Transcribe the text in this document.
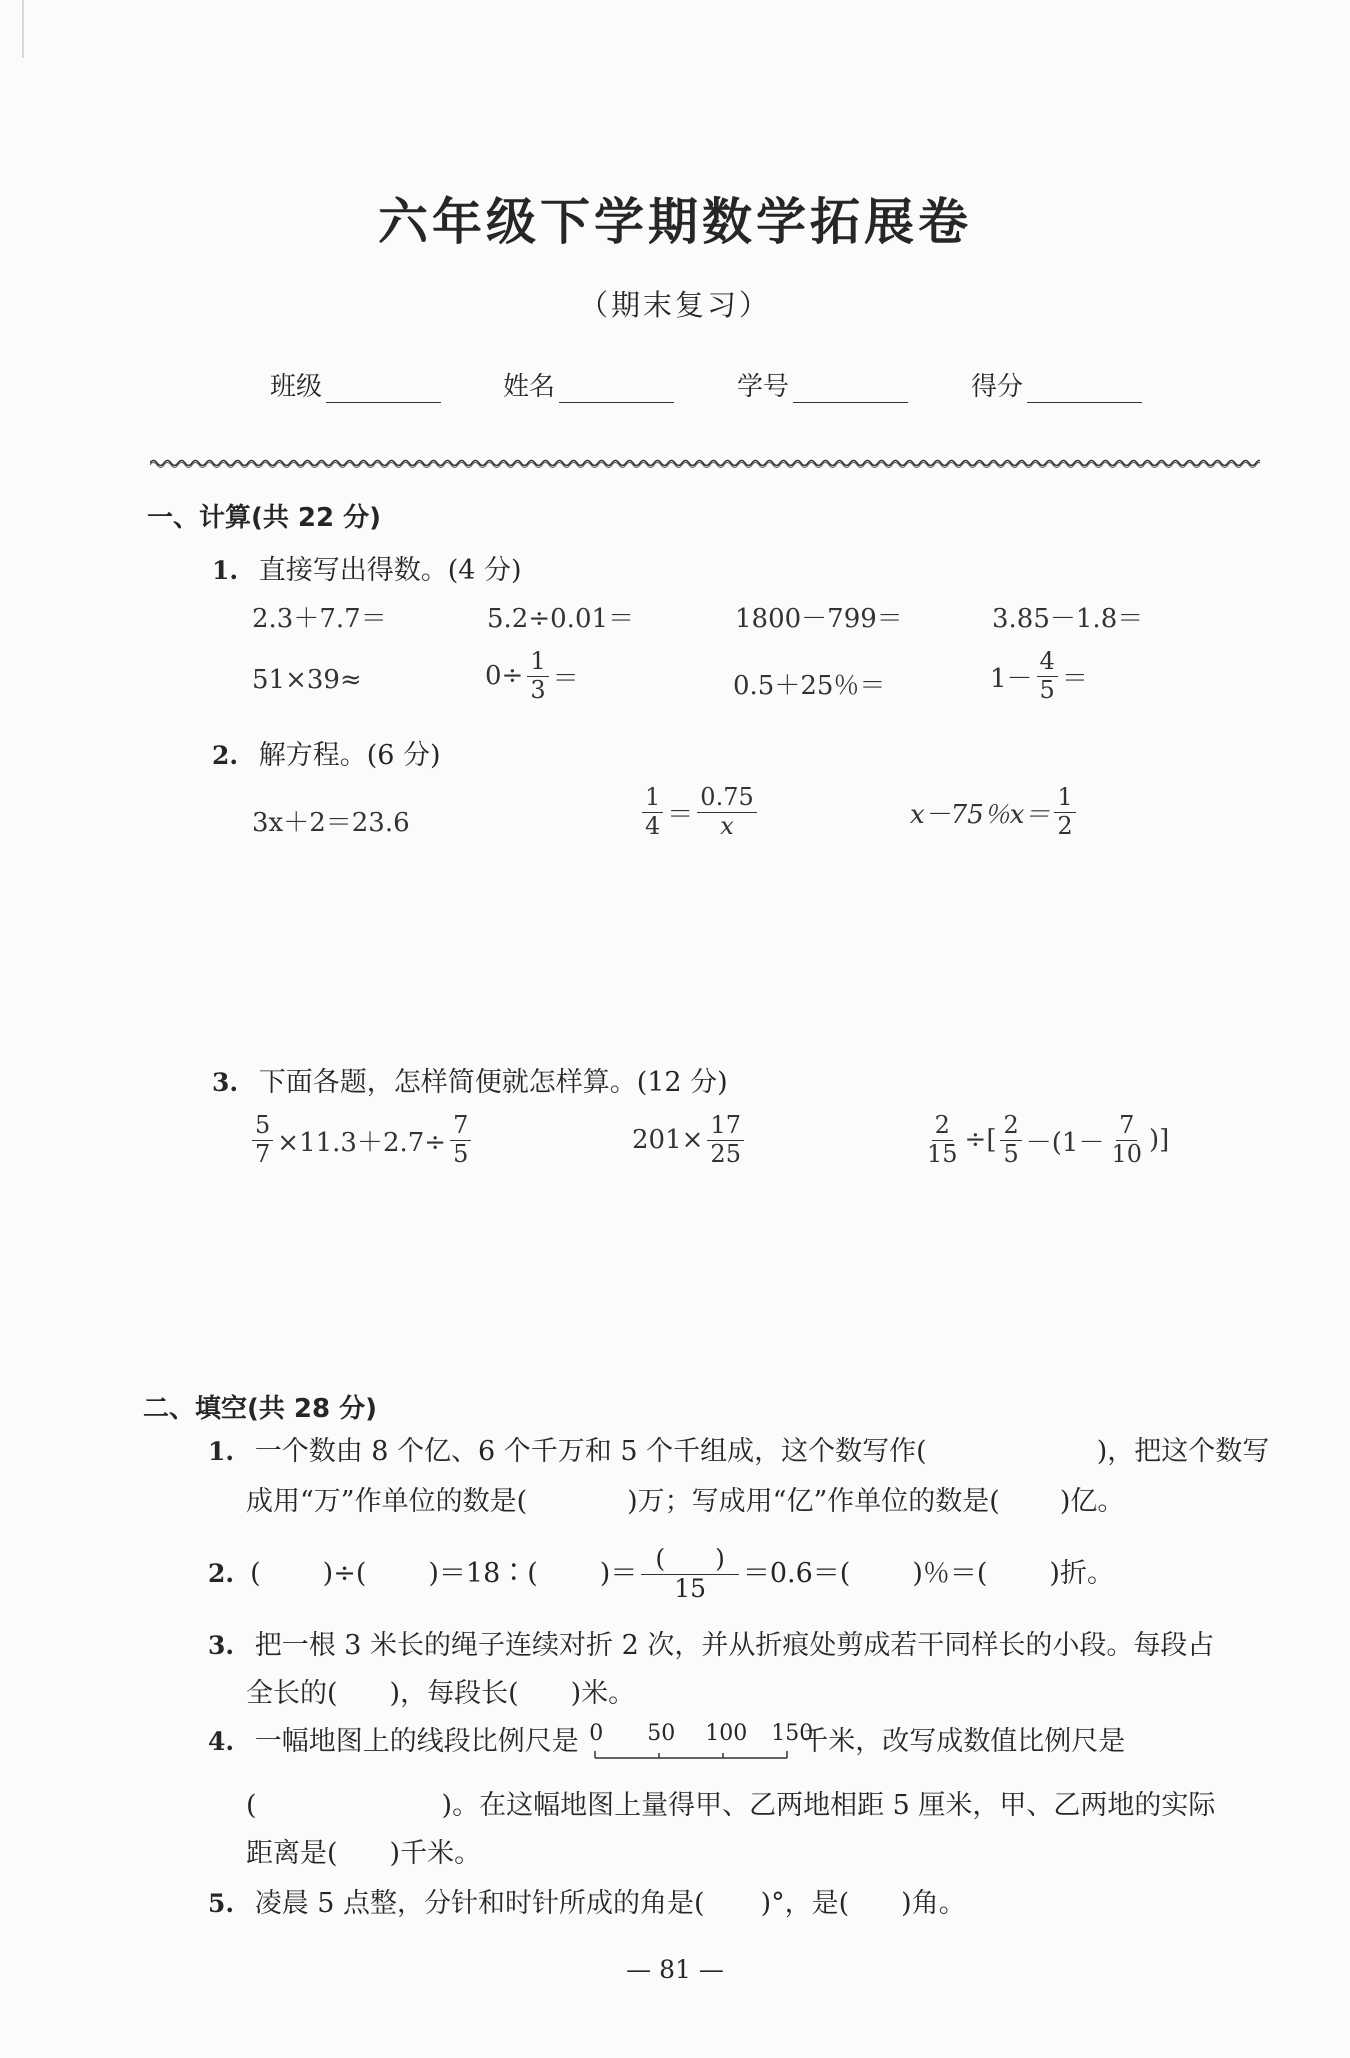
六年级下学期数学拓展卷
（期末复习）
班级	姓名	学号	得分
一、计算(共 22 分)
1. 直接写出得数。(4 分)
2.3＋7.7＝	5.2÷0.01＝	1800－799＝	3.85－1.8＝
51×39≈	$0\div \frac{1}{3}$ ＝	0.5＋25％＝	$1- \frac{4}{5}$ ＝
2. 解方程。(6 分)
3x＋2＝23.6	$\frac{1}{4} = \frac{0.75}{x}$	x－75％$x= \frac{1}{2}$
3. 下面各题，怎样简便就怎样算。(12 分)
$\frac{5}{7} \times 11.3+2.7\div \frac{7}{5}$	$201\times \frac{17}{25}$	$\frac{2}{15}$ ÷[ $\frac{2}{5} -(1- \frac{7}{10}$ )]
二、填空(共 28 分)
1. 一个数由 8 个亿、6 个千万和 5 个千组成，这个数写作(	)，把这个数写
成用“万”作单位的数是(	)万；写成用“亿”作单位的数是( )亿。
2. ( )÷( )＝18∶( )＝ $\frac{( )}{15} =0.6=$( )％＝( )折。
3. 把一根 3 米长的绳子连续对折 2 次，并从折痕处剪成若干同样长的小段。每段占
全长的( )，每段长( )米。
4. 一幅地图上的线段比例尺是 0 50 100 150
千米，改写成数值比例尺是
(	)。在这幅地图上量得甲、乙两地相距 5 厘米，甲、乙两地的实际
距离是( )千米。
5. 凌晨 5 点整，分针和时针所成的角是( )°，是( )角。
— 81 —
